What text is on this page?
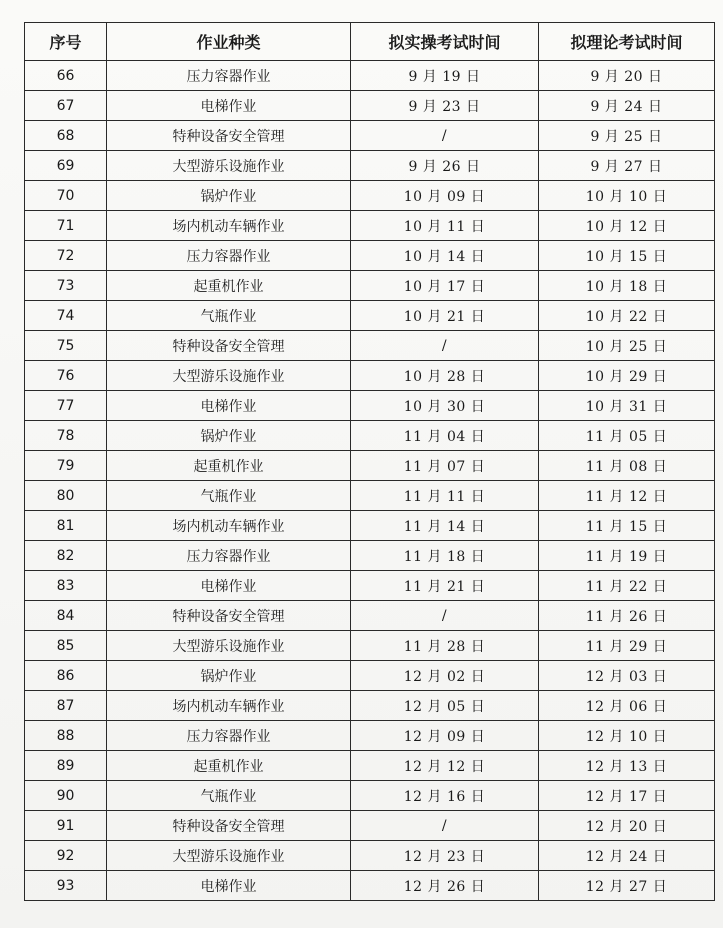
序号	作业种类	拟实操考试时间	拟理论考试时间
66	压力容器作业	9 月 19 日	9 月 20 日
67	电梯作业	9 月 23 日	9 月 24 日
68	特种设备安全管理	/	9 月 25 日
69	大型游乐设施作业	9 月 26 日	9 月 27 日
70	锅炉作业	10 月 09 日	10 月 10 日
71	场内机动车辆作业	10 月 11 日	10 月 12 日
72	压力容器作业	10 月 14 日	10 月 15 日
73	起重机作业	10 月 17 日	10 月 18 日
74	气瓶作业	10 月 21 日	10 月 22 日
75	特种设备安全管理	/	10 月 25 日
76	大型游乐设施作业	10 月 28 日	10 月 29 日
77	电梯作业	10 月 30 日	10 月 31 日
78	锅炉作业	11 月 04 日	11 月 05 日
79	起重机作业	11 月 07 日	11 月 08 日
80	气瓶作业	11 月 11 日	11 月 12 日
81	场内机动车辆作业	11 月 14 日	11 月 15 日
82	压力容器作业	11 月 18 日	11 月 19 日
83	电梯作业	11 月 21 日	11 月 22 日
84	特种设备安全管理	/	11 月 26 日
85	大型游乐设施作业	11 月 28 日	11 月 29 日
86	锅炉作业	12 月 02 日	12 月 03 日
87	场内机动车辆作业	12 月 05 日	12 月 06 日
88	压力容器作业	12 月 09 日	12 月 10 日
89	起重机作业	12 月 12 日	12 月 13 日
90	气瓶作业	12 月 16 日	12 月 17 日
91	特种设备安全管理	/	12 月 20 日
92	大型游乐设施作业	12 月 23 日	12 月 24 日
93	电梯作业	12 月 26 日	12 月 27 日
